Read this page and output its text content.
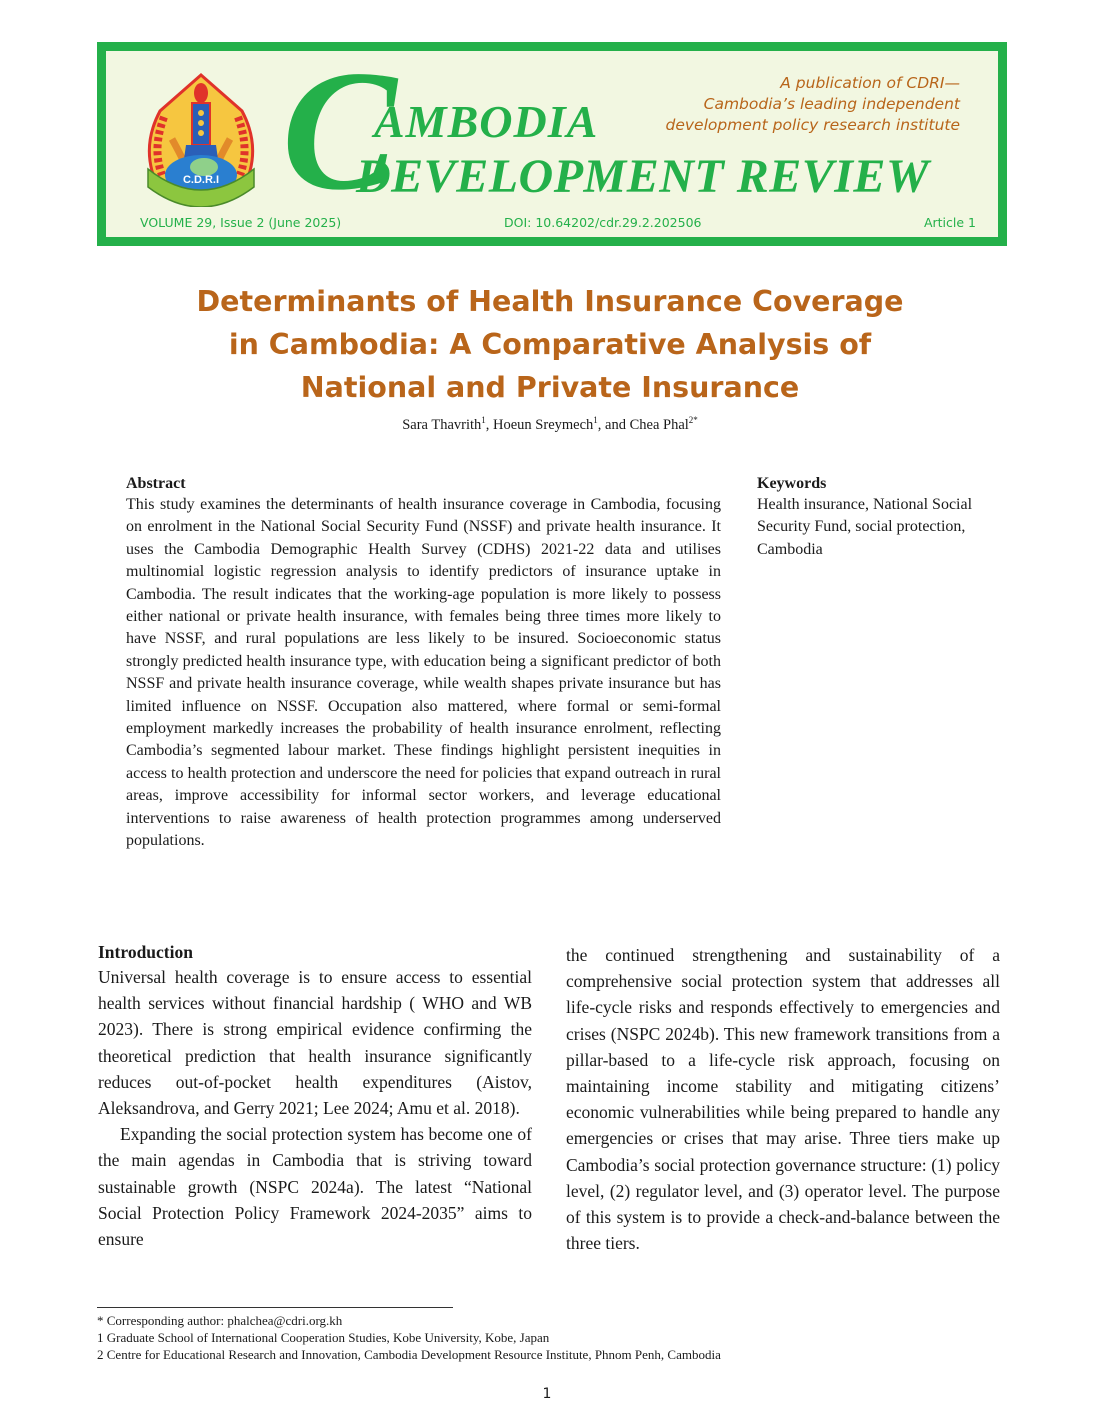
C.D.R.I C
AMBODIA
DEVELOPMENT REVIEW
A publication of CDRI—
Cambodia’s leading independent
development policy research institute
VOLUME 29, Issue 2 (June 2025)	DOI: 10.64202/cdr.29.2.202506	Article 1
Determinants of Health Insurance Coverage
in Cambodia: A Comparative Analysis of
National and Private Insurance
Sara Thavrith$^1$, Hoeun Sreymech$^1$, and Chea Phal$^{2*}$
Abstract

This study examines the determinants of health insurance coverage in Cambodia, focusing on enrolment in the National Social Security Fund (NSSF) and private health insurance. It uses the Cambodia Demographic Health Survey (CDHS) 2021-22 data and utilises multinomial logistic regression analysis to identify predictors of insurance uptake in Cambodia. The result indicates that the working-age population is more likely to possess either national or private health insurance, with females being three times more likely to have NSSF, and rural populations are less likely to be insured. Socioeconomic status strongly predicted health insurance type, with education being a significant predictor of both NSSF and private health insurance coverage, while wealth shapes private insurance but has limited influence on NSSF. Occupation also mattered, where formal or semi-formal employment markedly increases the probability of health insurance enrolment, reflecting Cambodia’s segmented labour market. These findings highlight persistent inequities in access to health protection and underscore the need for policies that expand outreach in rural areas, improve accessibility for informal sector workers, and leverage educational interventions to raise awareness of health protection programmes among underserved populations.

Keywords

Health insurance, National Social Security Fund, social protection, Cambodia

Introduction

Universal health coverage is to ensure access to essential health services without financial hardship ( WHO and WB 2023). There is strong empirical evidence confirming the theoretical prediction that health insurance significantly reduces out-of-pocket health expenditures (Aistov, Aleksandrova, and Gerry 2021; Lee 2024; Amu et al. 2018).

Expanding the social protection system has become one of the main agendas in Cambodia that is striving toward sustainable growth (NSPC 2024a). The latest “National Social Protection Policy Framework 2024-2035” aims to ensure

the continued strengthening and sustainability of a comprehensive social protection system that addresses all life-cycle risks and responds effectively to emergencies and crises (NSPC 2024b). This new framework transitions from a pillar-based to a life-cycle risk approach, focusing on maintaining income stability and mitigating citizens’ economic vulnerabilities while being prepared to handle any emergencies or crises that may arise. Three tiers make up Cambodia’s social protection governance structure: (1) policy level, (2) regulator level, and (3) operator level. The purpose of this system is to provide a check-and-balance between the three tiers.

* Corresponding author: phalchea@cdri.org.kh
1 Graduate School of International Cooperation Studies, Kobe University, Kobe, Japan
2 Centre for Educational Research and Innovation, Cambodia Development Resource Institute, Phnom Penh, Cambodia
1
